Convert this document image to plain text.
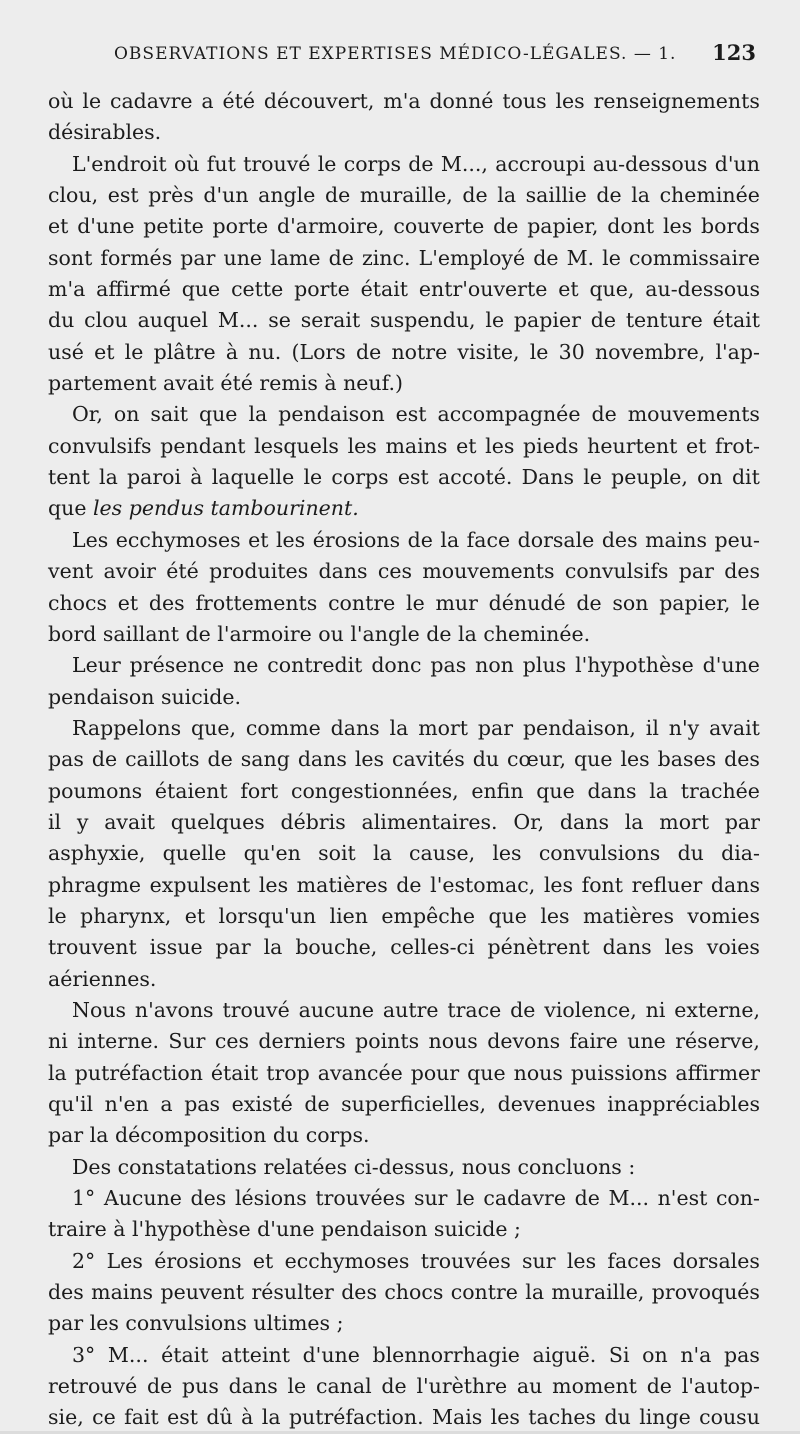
OBSERVATIONS ET EXPERTISES MÉDICO-LÉGALES. — 1. 123
où le cadavre a été découvert, m'a donné tous les renseignements
désirables.
L'endroit où fut trouvé le corps de M..., accroupi au-dessous d'un
clou, est près d'un angle de muraille, de la saillie de la cheminée
et d'une petite porte d'armoire, couverte de papier, dont les bords
sont formés par une lame de zinc. L'employé de M. le commissaire
m'a affirmé que cette porte était entr'ouverte et que, au-dessous
du clou auquel M... se serait suspendu, le papier de tenture était
usé et le plâtre à nu. (Lors de notre visite, le 30 novembre, l'ap-
partement avait été remis à neuf.)
Or, on sait que la pendaison est accompagnée de mouvements
convulsifs pendant lesquels les mains et les pieds heurtent et frot-
tent la paroi à laquelle le corps est accoté. Dans le peuple, on dit
que les pendus tambourinent.
Les ecchymoses et les érosions de la face dorsale des mains peu-
vent avoir été produites dans ces mouvements convulsifs par des
chocs et des frottements contre le mur dénudé de son papier, le
bord saillant de l'armoire ou l'angle de la cheminée.
Leur présence ne contredit donc pas non plus l'hypothèse d'une
pendaison suicide.
Rappelons que, comme dans la mort par pendaison, il n'y avait
pas de caillots de sang dans les cavités du cœur, que les bases des
poumons étaient fort congestionnées, enfin que dans la trachée
il y avait quelques débris alimentaires. Or, dans la mort par
asphyxie, quelle qu'en soit la cause, les convulsions du dia-
phragme expulsent les matières de l'estomac, les font refluer dans
le pharynx, et lorsqu'un lien empêche que les matières vomies
trouvent issue par la bouche, celles-ci pénètrent dans les voies
aériennes.
Nous n'avons trouvé aucune autre trace de violence, ni externe,
ni interne. Sur ces derniers points nous devons faire une réserve,
la putréfaction était trop avancée pour que nous puissions affirmer
qu'il n'en a pas existé de superficielles, devenues inappréciables
par la décomposition du corps.
Des constatations relatées ci-dessus, nous concluons :
1° Aucune des lésions trouvées sur le cadavre de M... n'est con-
traire à l'hypothèse d'une pendaison suicide ;
2° Les érosions et ecchymoses trouvées sur les faces dorsales
des mains peuvent résulter des chocs contre la muraille, provoqués
par les convulsions ultimes ;
3° M... était atteint d'une blennorrhagie aiguë. Si on n'a pas
retrouvé de pus dans le canal de l'urèthre au moment de l'autop-
sie, ce fait est dû à la putréfaction. Mais les taches du linge cousu
